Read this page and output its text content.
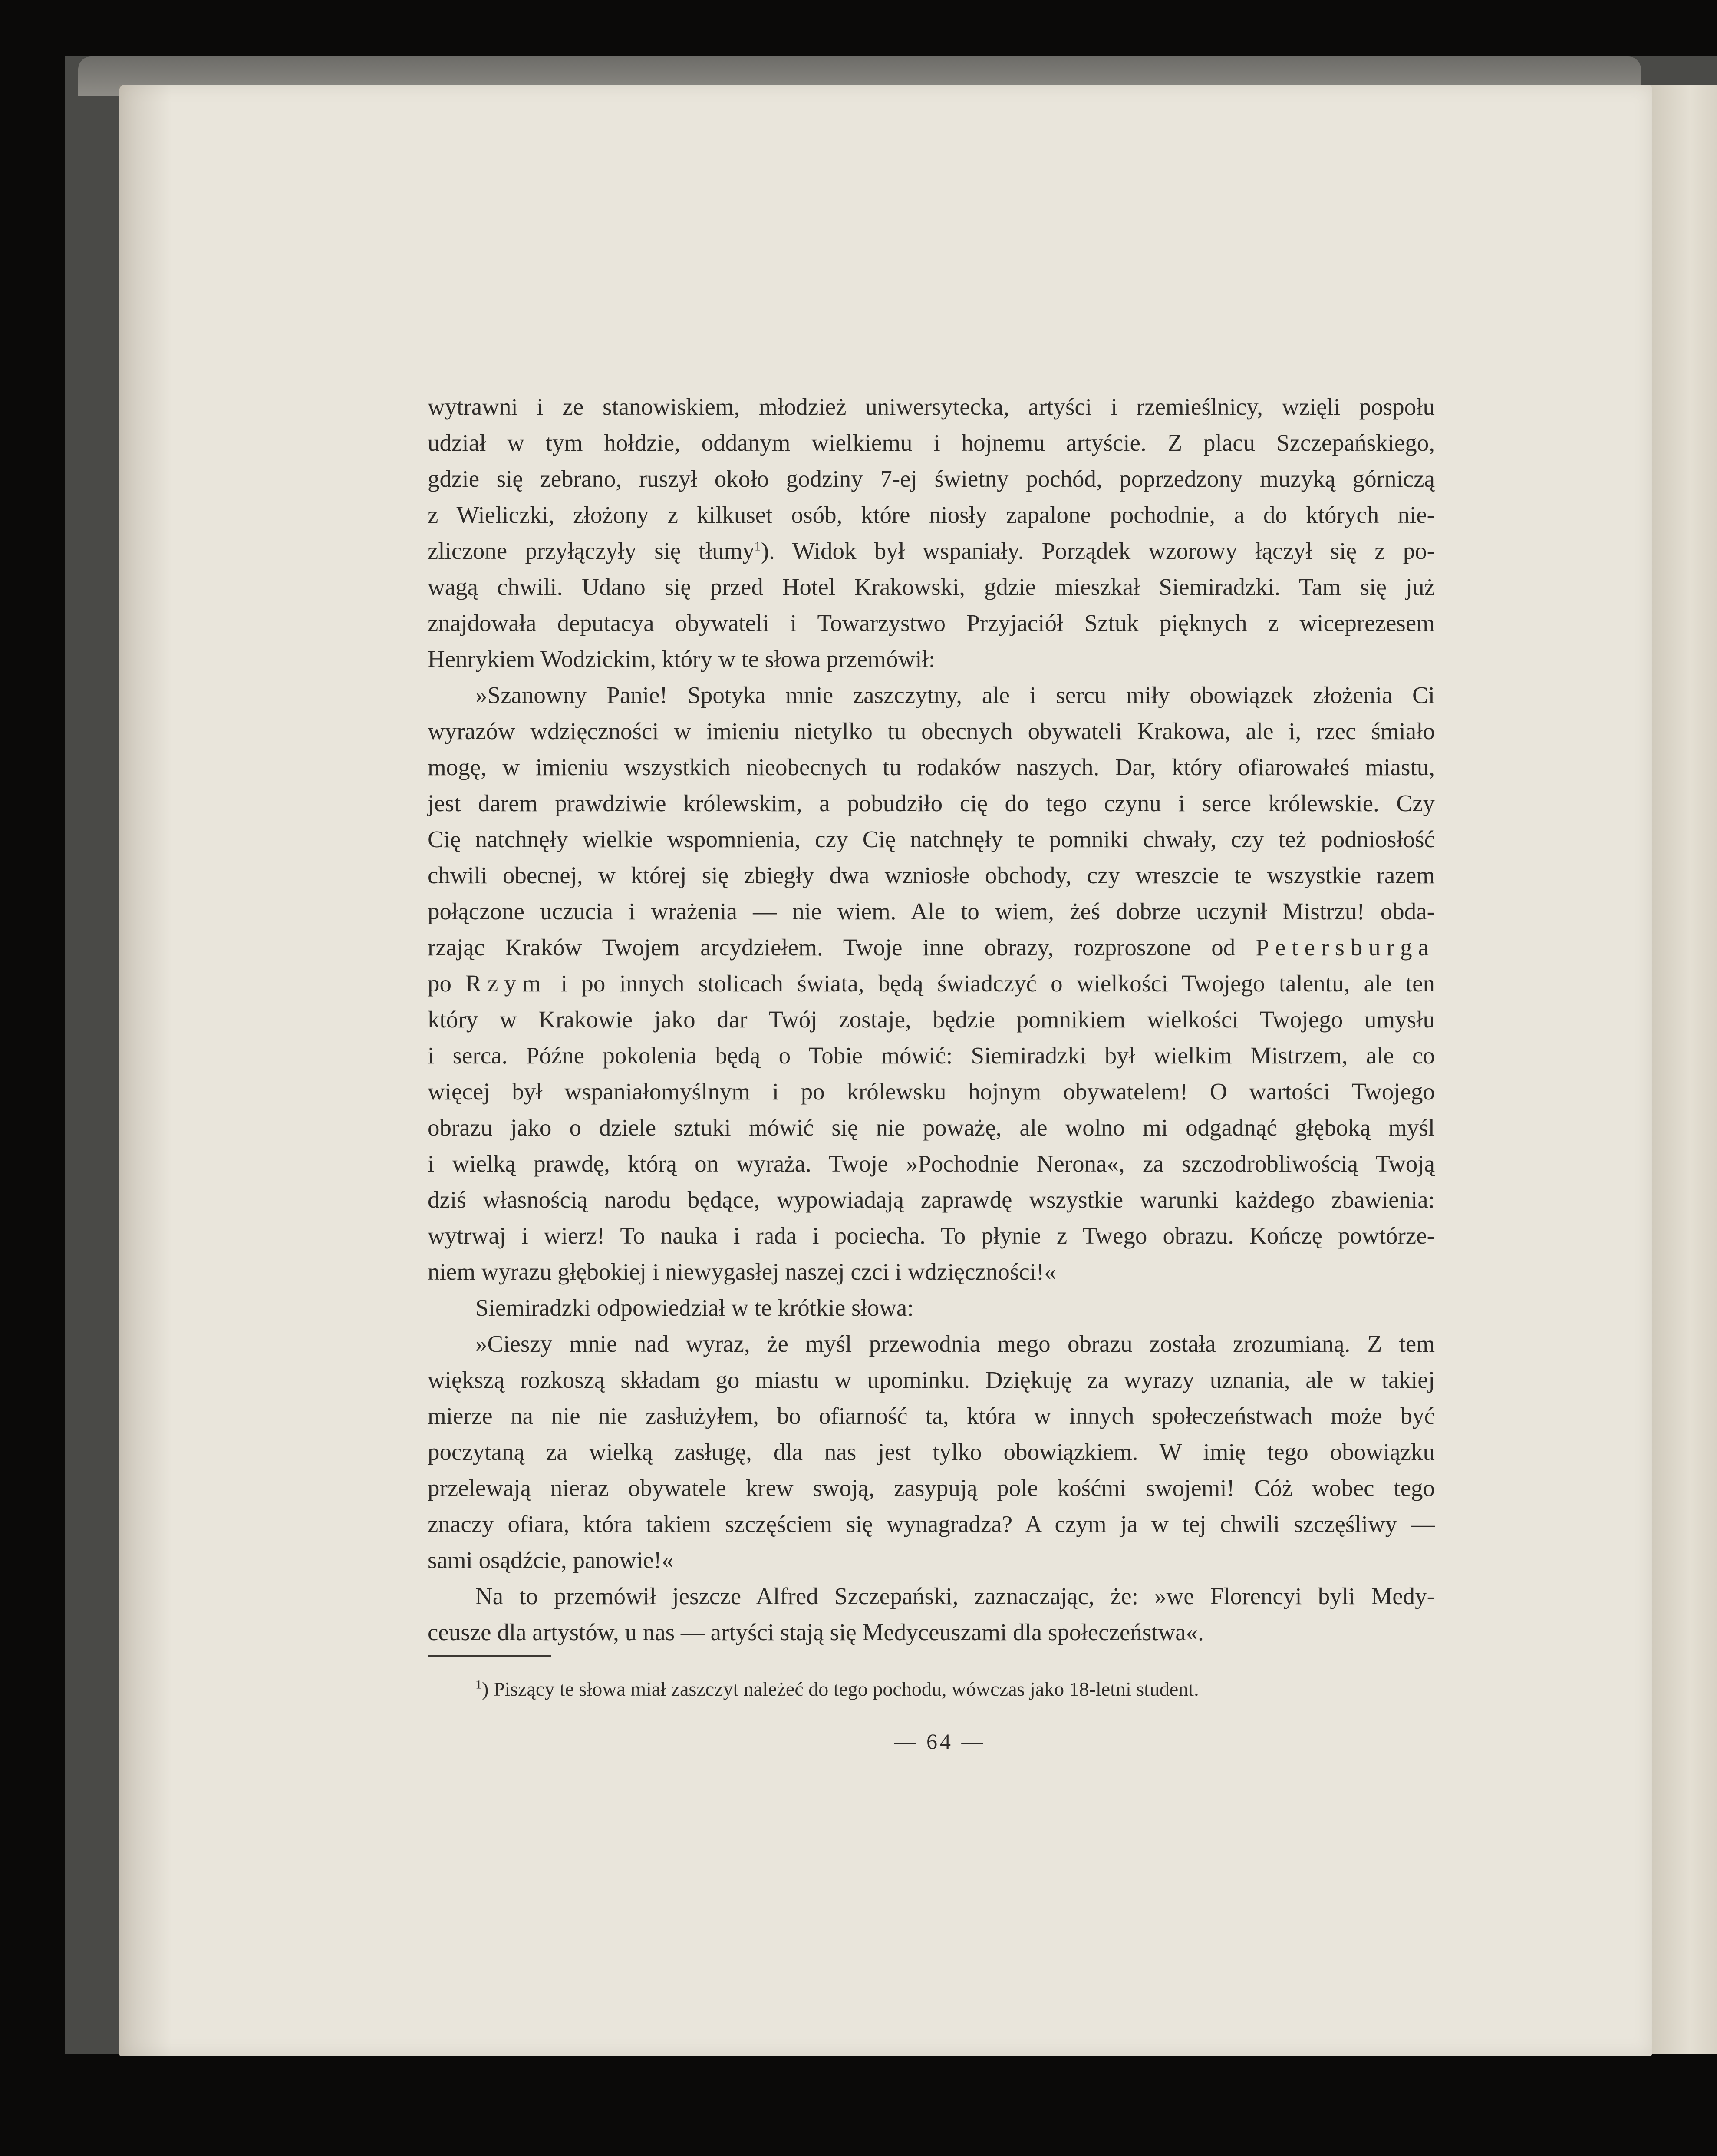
wytrawni i ze stanowiskiem, młodzież uniwersytecka, artyści i rzemieślnicy, wzięli pospołu

udział w tym hołdzie, oddanym wielkiemu i hojnemu artyście. Z placu Szczepańskiego,

gdzie się zebrano, ruszył około godziny 7-ej świetny pochód, poprzedzony muzyką górniczą

z Wieliczki, złożony z kilkuset osób, które niosły zapalone pochodnie, a do których nie-

zliczone przyłączyły się tłumy$^1$). Widok był wspaniały. Porządek wzorowy łączył się z po-

wagą chwili. Udano się przed Hotel Krakowski, gdzie mieszkał Siemiradzki. Tam się już

znajdowała deputacya obywateli i Towarzystwo Przyjaciół Sztuk pięknych z wiceprezesem

Henrykiem Wodzickim, który w te słowa przemówił:

»Szanowny Panie! Spotyka mnie zaszczytny, ale i sercu miły obowiązek złożenia Ci

wyrazów wdzięczności w imieniu nietylko tu obecnych obywateli Krakowa, ale i, rzec śmiało

mogę, w imieniu wszystkich nieobecnych tu rodaków naszych. Dar, który ofiarowałeś miastu,

jest darem prawdziwie królewskim, a pobudziło cię do tego czynu i serce królewskie. Czy

Cię natchnęły wielkie wspomnienia, czy Cię natchnęły te pomniki chwały, czy też podniosłość

chwili obecnej, w której się zbiegły dwa wzniosłe obchody, czy wreszcie te wszystkie razem

połączone uczucia i wrażenia — nie wiem. Ale to wiem, żeś dobrze uczynił Mistrzu! obda-

rzając Kraków Twojem arcydziełem. Twoje inne obrazy, rozproszone od Petersburga

po Rzym i po innych stolicach świata, będą świadczyć o wielkości Twojego talentu, ale ten

który w Krakowie jako dar Twój zostaje, będzie pomnikiem wielkości Twojego umysłu

i serca. Późne pokolenia będą o Tobie mówić: Siemiradzki był wielkim Mistrzem, ale co

więcej był wspaniałomyślnym i po królewsku hojnym obywatelem! O wartości Twojego

obrazu jako o dziele sztuki mówić się nie poważę, ale wolno mi odgadnąć głęboką myśl

i wielką prawdę, którą on wyraża. Twoje »Pochodnie Nerona«, za szczodrobliwością Twoją

dziś własnością narodu będące, wypowiadają zaprawdę wszystkie warunki każdego zbawienia:

wytrwaj i wierz! To nauka i rada i pociecha. To płynie z Twego obrazu. Kończę powtórze-

niem wyrazu głębokiej i niewygasłej naszej czci i wdzięczności!«

Siemiradzki odpowiedział w te krótkie słowa:

»Cieszy mnie nad wyraz, że myśl przewodnia mego obrazu została zrozumianą. Z tem

większą rozkoszą składam go miastu w upominku. Dziękuję za wyrazy uznania, ale w takiej

mierze na nie nie zasłużyłem, bo ofiarność ta, która w innych społeczeństwach może być

poczytaną za wielką zasługę, dla nas jest tylko obowiązkiem. W imię tego obowiązku

przelewają nieraz obywatele krew swoją, zasypują pole kośćmi swojemi! Cóż wobec tego

znaczy ofiara, która takiem szczęściem się wynagradza? A czym ja w tej chwili szczęśliwy —

sami osądźcie, panowie!«

Na to przemówił jeszcze Alfred Szczepański, zaznaczając, że: »we Florencyi byli Medy-

ceusze dla artystów, u nas — artyści stają się Medyceuszami dla społeczeństwa«.

$^1$) Piszący te słowa miał zaszczyt należeć do tego pochodu, wówczas jako 18-letni student.
— 64 —
